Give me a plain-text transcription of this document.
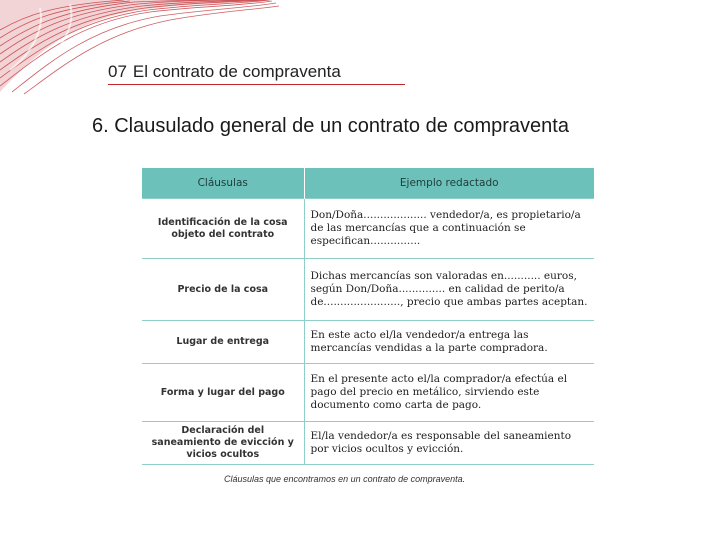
07 El contrato de compraventa
6. Clausulado general de un contrato de compraventa
Cláusulas	Ejemplo redactado
Identificación de la cosa objeto del contrato	Don/Doña................... vendedor/a, es propietario/a de las mercancías que a continuación se especifican...............
Precio de la cosa	Dichas mercancías son valoradas en........... euros, según Don/Doña.............. en calidad de perito/a de......................., precio que ambas partes aceptan.
Lugar de entrega	En este acto el/la vendedor/a entrega las mercancías vendidas a la parte compradora.
Forma y lugar del pago	En el presente acto el/la comprador/a efectúa el pago del precio en metálico, sirviendo este documento como carta de pago.
Declaración del saneamiento de evicción y vicios ocultos	El/la vendedor/a es responsable del saneamiento por vicios ocultos y evicción.
Cláusulas que encontramos en un contrato de compraventa.
